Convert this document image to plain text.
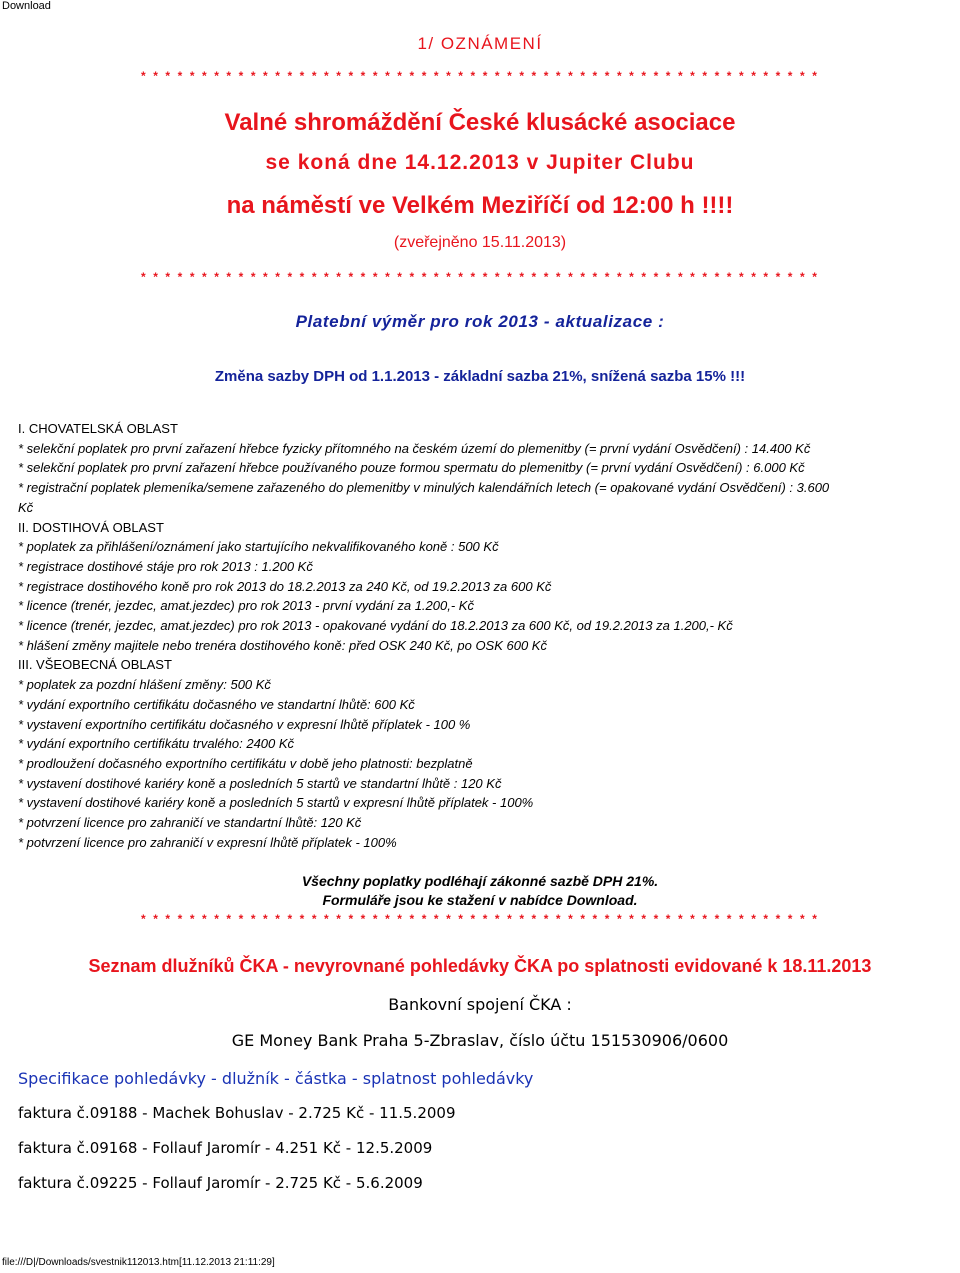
Download
1/ OZNÁMENÍ
* * * * * * * * * * * * * * * * * * * * * * * * * * * * * * * * * * * * * * * * * * * * * * * * * * * * * * * *
Valné shromáždění České klusácké asociace
se koná dne 14.12.2013 v Jupiter Clubu
na náměstí ve Velkém Meziříčí od 12:00 h !!!!
(zveřejněno 15.11.2013)
* * * * * * * * * * * * * * * * * * * * * * * * * * * * * * * * * * * * * * * * * * * * * * * * * * * * * * * *
Platební výměr pro rok 2013 - aktualizace :
Změna sazby DPH od 1.1.2013 - základní sazba 21%, snížená sazba 15% !!!
I. CHOVATELSKÁ OBLAST
* selekční poplatek pro první zařazení hřebce fyzicky přítomného na českém území do plemenitby (= první vydání Osvědčení) : 14.400 Kč
* selekční poplatek pro první zařazení hřebce používaného pouze formou spermatu do plemenitby (= první vydání Osvědčení) : 6.000 Kč
* registrační poplatek plemeníka/semene zařazeného do plemenitby v minulých kalendářních letech (= opakované vydání Osvědčení) : 3.600
Kč
II. DOSTIHOVÁ OBLAST
* poplatek za přihlášení/oznámení jako startujícího nekvalifikovaného koně : 500 Kč
* registrace dostihové stáje pro rok 2013 : 1.200 Kč
* registrace dostihového koně pro rok 2013 do 18.2.2013 za 240 Kč, od 19.2.2013 za 600 Kč
* licence (trenér, jezdec, amat.jezdec) pro rok 2013 - první vydání za 1.200,- Kč
* licence (trenér, jezdec, amat.jezdec) pro rok 2013 - opakované vydání do 18.2.2013 za 600 Kč, od 19.2.2013 za 1.200,- Kč
* hlášení změny majitele nebo trenéra dostihového koně: před OSK 240 Kč, po OSK 600 Kč
III. VŠEOBECNÁ OBLAST
* poplatek za pozdní hlášení změny: 500 Kč
* vydání exportního certifikátu dočasného ve standartní lhůtě: 600 Kč
* vystavení exportního certifikátu dočasného v expresní lhůtě příplatek - 100 %
* vydání exportního certifikátu trvalého: 2400 Kč
* prodloužení dočasného exportního certifikátu v době jeho platnosti: bezplatně
* vystavení dostihové kariéry koně a posledních 5 startů ve standartní lhůtě : 120 Kč
* vystavení dostihové kariéry koně a posledních 5 startů v expresní lhůtě příplatek - 100%
* potvrzení licence pro zahraničí ve standartní lhůtě: 120 Kč
* potvrzení licence pro zahraničí v expresní lhůtě příplatek - 100%
Všechny poplatky podléhají zákonné sazbě DPH 21%.
Formuláře jsou ke stažení v nabídce Download.
* * * * * * * * * * * * * * * * * * * * * * * * * * * * * * * * * * * * * * * * * * * * * * * * * * * * * * * *
Seznam dlužníků ČKA - nevyrovnané pohledávky ČKA po splatnosti evidované k 18.11.2013
Bankovní spojení ČKA :
GE Money Bank Praha 5-Zbraslav, číslo účtu 151530906/0600
Specifikace pohledávky - dlužník - částka - splatnost pohledávky
faktura č.09188 - Machek Bohuslav - 2.725 Kč - 11.5.2009
faktura č.09168 - Follauf Jaromír - 4.251 Kč - 12.5.2009
faktura č.09225 - Follauf Jaromír - 2.725 Kč - 5.6.2009
file:///D|/Downloads/svestnik112013.htm[11.12.2013 21:11:29]
